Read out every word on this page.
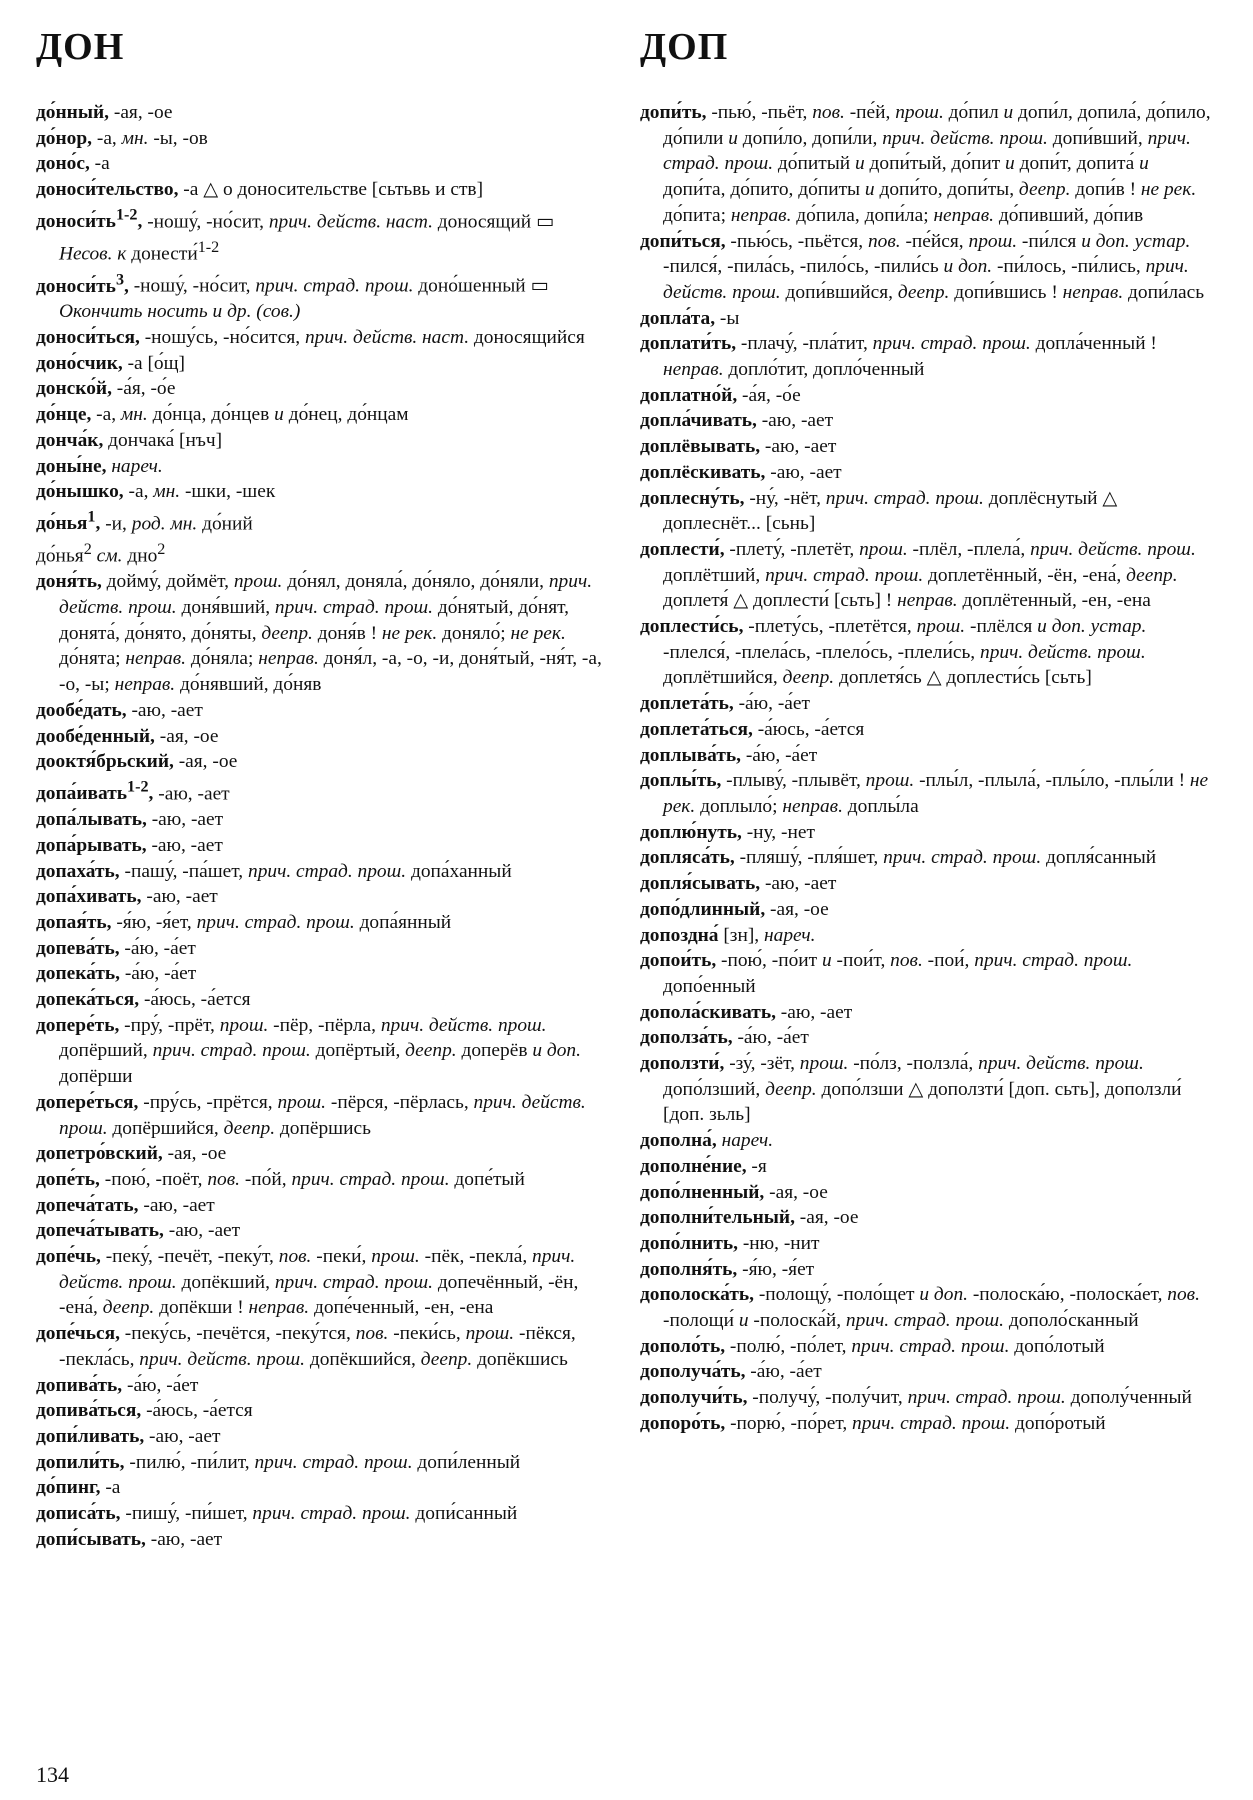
ДОН	ДОП

до́нный, -ая, -ое

до́нор, -а, мн. -ы, -ов

доно́с, -а

доноси́тельство, -а △ о доносительстве [сьтьвь и ств]

$доноси́ть^{1-2}$, -ношу́, -но́сит, прич. действ. наст. доносящий ▭ Несов. к донести́$^{1-2}$

$доноси́ть^3$, -ношу́, -но́сит, прич. страд. прош. доно́шенный ▭ Окончить носить и др. (сов.)

доноси́ться, -ношу́сь, -но́сится, прич. действ. наст. доносящийся

доно́счик, -а [о́щ]

донско́й, -а́я, -о́е

до́нце, -а, мн. до́нца, до́нцев и до́нец, до́нцам

донча́к, дончака́ [нъч]

доны́не, нареч.

до́нышко, -а, мн. -шки, -шек

до́нья$^1$, -и, род. мн. до́ний

до́нья$^2$ см. дно$^2$

доня́ть, дойму́, доймёт, прош. до́нял, доняла́, до́няло, до́няли, прич. действ. прош. доня́вший, прич. страд. прош. до́нятый, до́нят, донята́, до́нято, до́няты, деепр. доня́в ! не рек. доняло́; не рек. до́нята; неправ. до́няла; неправ. доня́л, -а, -о, -и, доня́тый, -ня́т, -а, -о, -ы; неправ. до́нявший, до́няв

дообе́дать, -аю, -ает

дообе́денный, -ая, -ое

дооктя́брьский, -ая, -ое

допа́ивать$^{1-2}$, -аю, -ает

допа́лывать, -аю, -ает

допа́рывать, -аю, -ает

допаха́ть, -пашу́, -па́шет, прич. страд. прош. допа́ханный

допа́хивать, -аю, -ает

допая́ть, -я́ю, -я́ет, прич. страд. прош. допа́янный

допева́ть, -а́ю, -а́ет

допека́ть, -а́ю, -а́ет

допека́ться, -а́юсь, -а́ется

допере́ть, -пру́, -прёт, прош. -пёр, -пёрла, прич. действ. прош. допёрший, прич. страд. прош. допёртый, деепр. доперёв и доп. допёрши

допере́ться, -пру́сь, -прётся, прош. -пёрся, -пёрлась, прич. действ. прош. допёршийся, деепр. допёршись

допетро́вский, -ая, -ое

допе́ть, -пою́, -поёт, пов. -по́й, прич. страд. прош. допе́тый

допеча́тать, -аю, -ает

допеча́тывать, -аю, -ает

допе́чь, -пеку́, -печёт, -пеку́т, пов. -пеки́, прош. -пёк, -пекла́, прич. действ. прош. допёкший, прич. страд. прош. допечённый, -ён, -ена́, деепр. допёкши ! неправ. допе́ченный, -ен, -ена

допе́чься, -пеку́сь, -печётся, -пеку́тся, пов. -пеки́сь, прош. -пёкся, -пекла́сь, прич. действ. прош. допёкшийся, деепр. допёкшись

допива́ть, -а́ю, -а́ет

допива́ться, -а́юсь, -а́ется

допи́ливать, -аю, -ает

допили́ть, -пилю́, -пи́лит, прич. страд. прош. допи́ленный

до́пинг, -а

дописа́ть, -пишу́, -пи́шет, прич. страд. прош. допи́санный

допи́сывать, -аю, -ает

допи́ть, -пью́, -пьёт, пов. -пе́й, прош. до́пил и допи́л, допила́, до́пило, до́пили и допи́ло, допи́ли, прич. действ. прош. допи́вший, прич. страд. прош. до́питый и допи́тый, до́пит и допи́т, допита́ и допи́та, до́пито, до́питы и допи́то, допи́ты, деепр. допи́в ! не рек. до́пита; неправ. до́пила, допи́ла; неправ. до́пивший, до́пив

допи́ться, -пью́сь, -пьётся, пов. -пе́йся, прош. -пи́лся и доп. устар. -пился́, -пила́сь, -пило́сь, -пили́сь и доп. -пи́лось, -пи́лись, прич. действ. прош. допи́вшийся, деепр. допи́вшись ! неправ. допи́лась

допла́та, -ы

доплати́ть, -плачу́, -пла́тит, прич. страд. прош. допла́ченный ! неправ. допло́тит, допло́ченный

доплатно́й, -а́я, -о́е

допла́чивать, -аю, -ает

доплёвывать, -аю, -ает

доплёскивать, -аю, -ает

доплесну́ть, -ну́, -нёт, прич. страд. прош. доплёснутый △ доплеснёт... [сьнь]

доплести́, -плету́, -плетёт, прош. -плёл, -плела́, прич. действ. прош. доплётший, прич. страд. прош. доплетённый, -ён, -ена́, деепр. доплетя́ △ доплести́ [сьть] ! неправ. доплётенный, -ен, -ена

доплести́сь, -плету́сь, -плетётся, прош. -плёлся и доп. устар. -плелся́, -плела́сь, -плело́сь, -плели́сь, прич. действ. прош. доплётшийся, деепр. доплетя́сь △ доплести́сь [сьть]

доплета́ть, -а́ю, -а́ет

доплета́ться, -а́юсь, -а́ется

доплыва́ть, -а́ю, -а́ет

доплы́ть, -плыву́, -плывёт, прош. -плы́л, -плыла́, -плы́ло, -плы́ли ! не рек. доплыло́; неправ. доплы́ла

доплю́нуть, -ну, -нет

допляса́ть, -пляшу́, -пля́шет, прич. страд. прош. допля́санный

допля́сывать, -аю, -ает

допо́длинный, -ая, -ое

допоздна́ [зн], нареч.

допои́ть, -пою́, -по́ит и -пои́т, пов. -пои́, прич. страд. прош. допо́енный

допола́скивать, -аю, -ает

дополза́ть, -а́ю, -а́ет

доползти́, -зу́, -зёт, прош. -по́лз, -ползла́, прич. действ. прош. допо́лзший, деепр. допо́лзши △ доползти́ [доп. сьть], доползли́ [доп. зьль]

дополна́, нареч.

дополне́ние, -я

допо́лненный, -ая, -ое

дополни́тельный, -ая, -ое

допо́лнить, -ню, -нит

дополня́ть, -я́ю, -я́ет

дополоска́ть, -полощу́, -поло́щет и доп. -полоска́ю, -полоска́ет, пов. -полощи́ и -полоска́й, прич. страд. прош. дополо́сканный

дополо́ть, -полю́, -по́лет, прич. страд. прош. допо́лотый

дополуча́ть, -а́ю, -а́ет

дополучи́ть, -получу́, -полу́чит, прич. страд. прош. дополу́ченный

допоро́ть, -порю́, -по́рет, прич. страд. прош. допо́ротый

134
